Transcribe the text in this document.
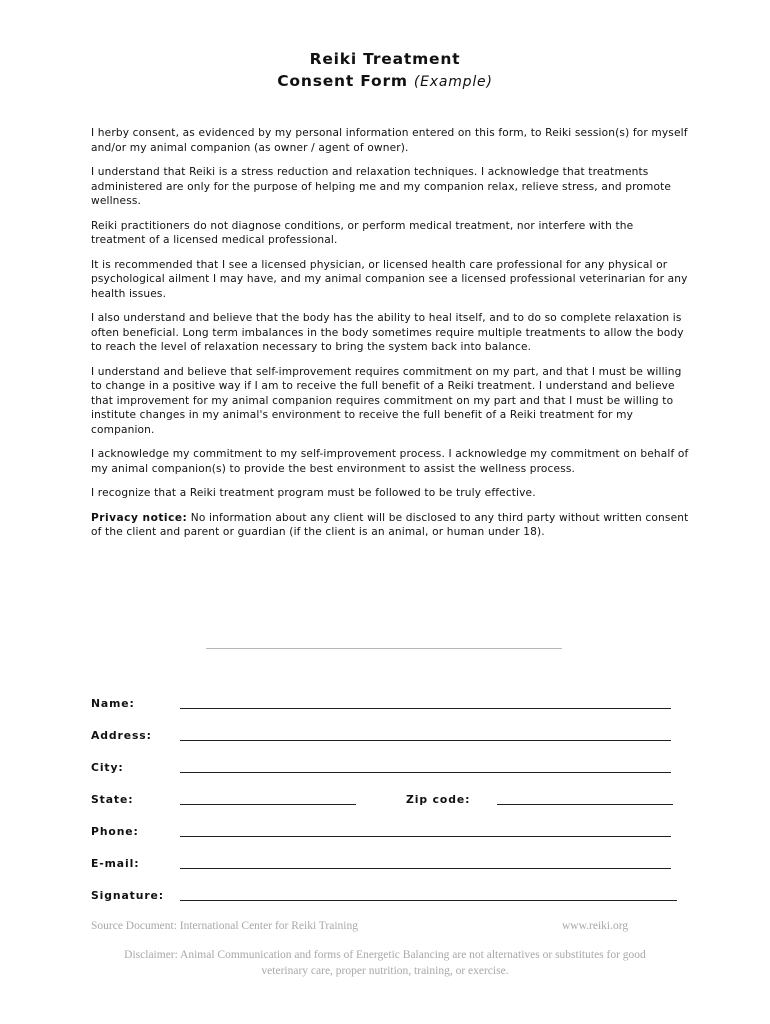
Reiki Treatment
Consent Form (Example)

I herby consent, as evidenced by my personal information entered on this form, to Reiki session(s) for myself and/or my animal companion (as owner / agent of owner).

I understand that Reiki is a stress reduction and relaxation techniques. I acknowledge that treatments administered are only for the purpose of helping me and my companion relax, relieve stress, and promote wellness.

Reiki practitioners do not diagnose conditions, or perform medical treatment, nor interfere with the treatment of a licensed medical professional.

It is recommended that I see a licensed physician, or licensed health care professional for any physical or psychological ailment I may have, and my animal companion see a licensed professional veterinarian for any health issues.

I also understand and believe that the body has the ability to heal itself, and to do so complete relaxation is often beneficial. Long term imbalances in the body sometimes require multiple treatments to allow the body to reach the level of relaxation necessary to bring the system back into balance.

I understand and believe that self-improvement requires commitment on my part, and that I must be willing to change in a positive way if I am to receive the full benefit of a Reiki treatment. I understand and believe that improvement for my animal companion requires commitment on my part and that I must be willing to institute changes in my animal's environment to receive the full benefit of a Reiki treatment for my companion.

I acknowledge my commitment to my self-improvement process. I acknowledge my commitment on behalf of my animal companion(s) to provide the best environment to assist the wellness process.

I recognize that a Reiki treatment program must be followed to be truly effective.

Privacy notice: No information about any client will be disclosed to any third party without written consent of the client and parent or guardian (if the client is an animal, or human under 18).

Name:
Address:
City:
State:	Zip code:
Phone:
E-mail:
Signature:
Source Document: International Center for Reiki Training	www.reiki.org
Disclaimer: Animal Communication and forms of Energetic Balancing are not alternatives or substitutes for good veterinary care, proper nutrition, training, or exercise.
